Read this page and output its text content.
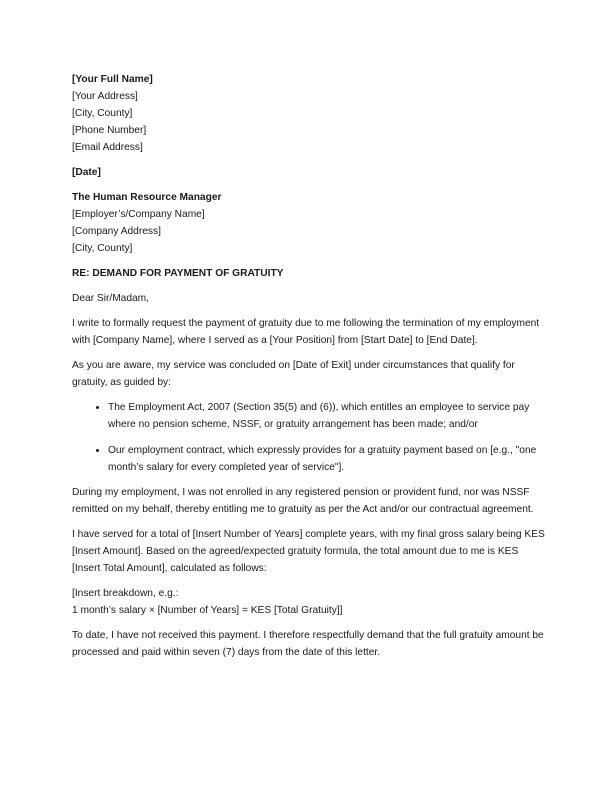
[Your Full Name]

[Your Address]

[City, County]

[Phone Number]

[Email Address]

[Date]

The Human Resource Manager

[Employer’s/Company Name]

[Company Address]

[City, County]

RE: DEMAND FOR PAYMENT OF GRATUITY

Dear Sir/Madam,

I write to formally request the payment of gratuity due to me following the termination of my employment with [Company Name], where I served as a [Your Position] from [Start Date] to [End Date].

As you are aware, my service was concluded on [Date of Exit] under circumstances that qualify for gratuity, as guided by:

• The Employment Act, 2007 (Section 35(5) and (6)), which entitles an employee to service pay where no pension scheme, NSSF, or gratuity arrangement has been made; and/or
• Our employment contract, which expressly provides for a gratuity payment based on [e.g., "one month’s salary for every completed year of service"].

During my employment, I was not enrolled in any registered pension or provident fund, nor was NSSF remitted on my behalf, thereby entitling me to gratuity as per the Act and/or our contractual agreement.

I have served for a total of [Insert Number of Years] complete years, with my final gross salary being KES [Insert Amount]. Based on the agreed/expected gratuity formula, the total amount due to me is KES [Insert Total Amount], calculated as follows:

[Insert breakdown, e.g.:

1 month’s salary × [Number of Years] = KES [Total Gratuity]]

To date, I have not received this payment. I therefore respectfully demand that the full gratuity amount be processed and paid within seven (7) days from the date of this letter.
